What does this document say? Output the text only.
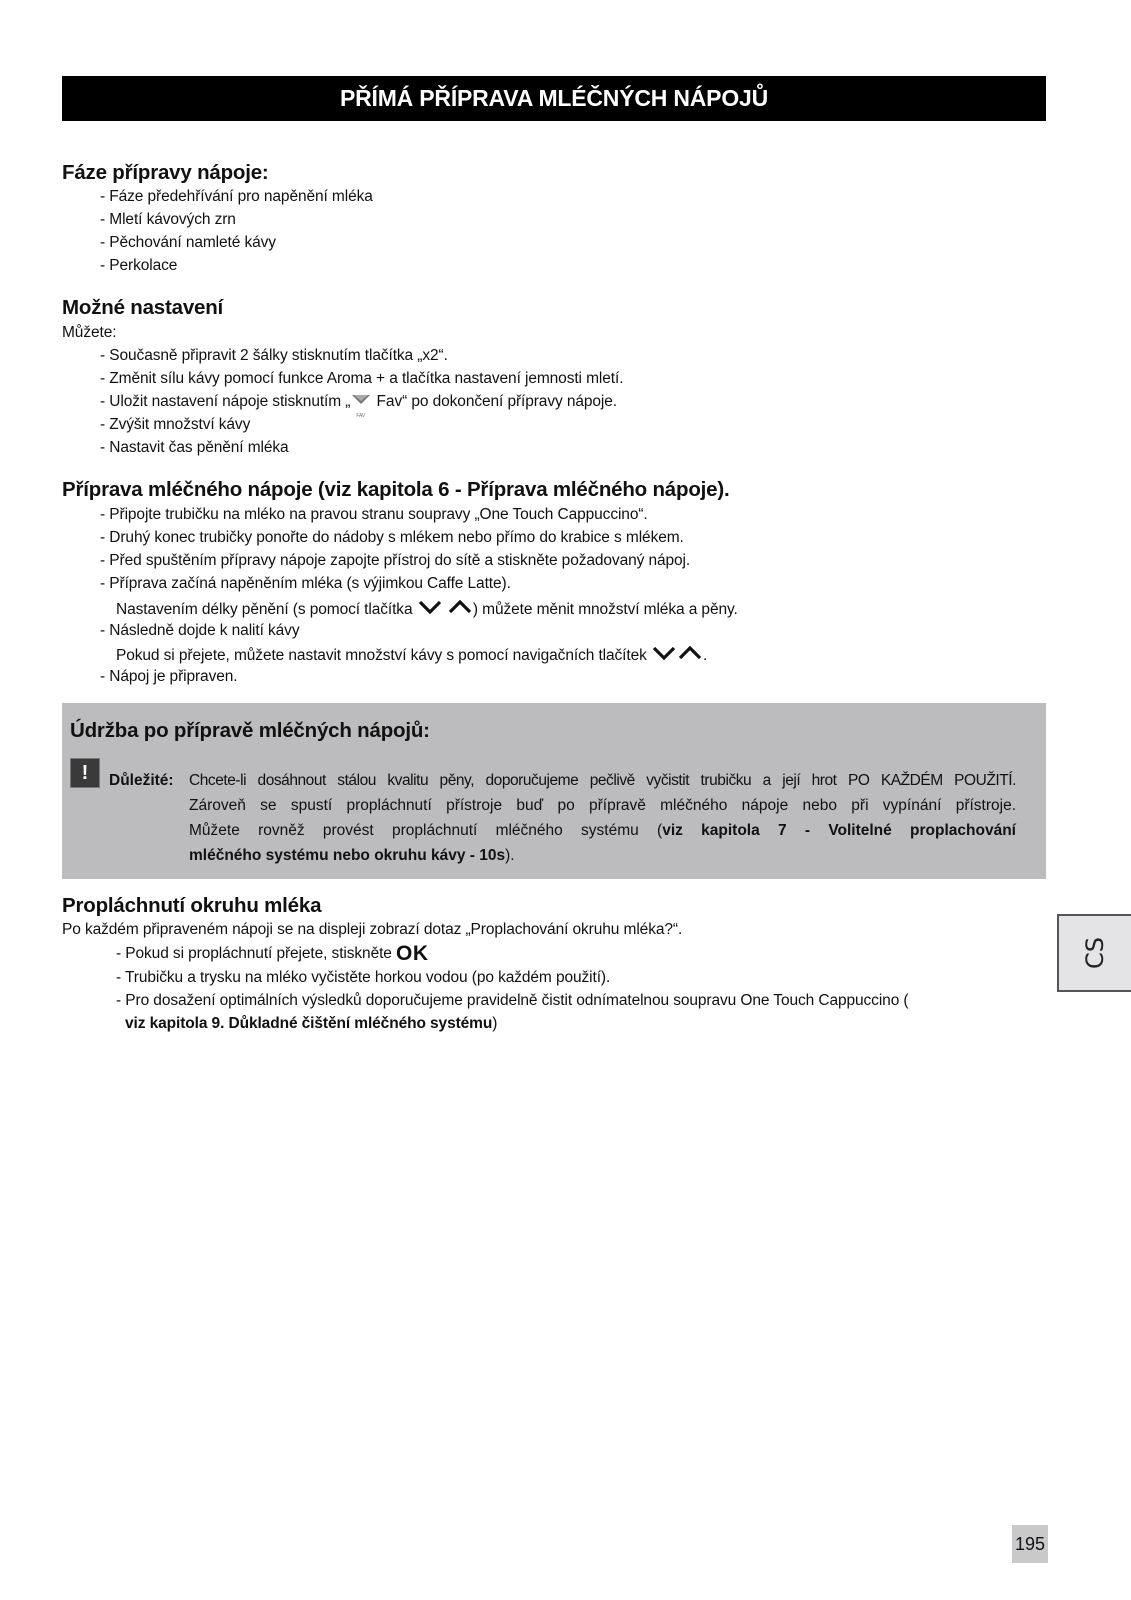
PŘÍMÁ PŘÍPRAVA MLÉČNÝCH NÁPOJŮ
Fáze přípravy nápoje:
- Fáze předehřívání pro napěnění mléka
- Mletí kávových zrn
- Pěchování namleté kávy
- Perkolace
Možné nastavení
Můžete:
- Současně připravit 2 šálky stisknutím tlačítka „x2“.
- Změnit sílu kávy pomocí funkce Aroma + a tlačítka nastavení jemnosti mletí.
- Uložit nastavení nápoje stisknutím „
FAV
Fav“ po dokončení přípravy nápoje.
- Zvýšit množství kávy
- Nastavit čas pěnění mléka
Příprava mléčného nápoje (viz kapitola 6 - Příprava mléčného nápoje).
- Připojte trubičku na mléko na pravou stranu soupravy „One Touch Cappuccino“.
- Druhý konec trubičky ponořte do nádoby s mlékem nebo přímo do krabice s mlékem.
- Před spuštěním přípravy nápoje zapojte přístroj do sítě a stiskněte požadovaný nápoj.
- Příprava začíná napěněním mléka (s výjimkou Caffe Latte).
Nastavením délky pěnění (s pomocí tlačítka	) můžete měnit množství mléka a pěny.
- Následně dojde k nalití kávy
Pokud si přejete, můžete nastavit množství kávy s pomocí navigačních tlačítek	.
- Nápoj je připraven.
Údržba po přípravě mléčných nápojů:
!	Důležité: Chcete-li dosáhnout stálou kvalitu pěny, doporučujeme pečlivě vyčistit trubičku a její hrot PO KAŽDÉM POUŽITÍ.
Zároveň se spustí propláchnutí přístroje buď po přípravě mléčného nápoje nebo při vypínání přístroje.
Můžete rovněž provést propláchnutí mléčného systému (viz kapitola 7 - Volitelné proplachování
mléčného systému nebo okruhu kávy - 10s).
Propláchnutí okruhu mléka
Po každém připraveném nápoji se na displeji zobrazí dotaz „Proplachování okruhu mléka?“.
- Pokud si propláchnutí přejete, stiskněte OK
- Trubičku a trysku na mléko vyčistěte horkou vodou (po každém použití).
- Pro dosažení optimálních výsledků doporučujeme pravidelně čistit odnímatelnou soupravu One Touch Cappuccino (
viz kapitola 9. Důkladné čištění mléčného systému)
CS
195
